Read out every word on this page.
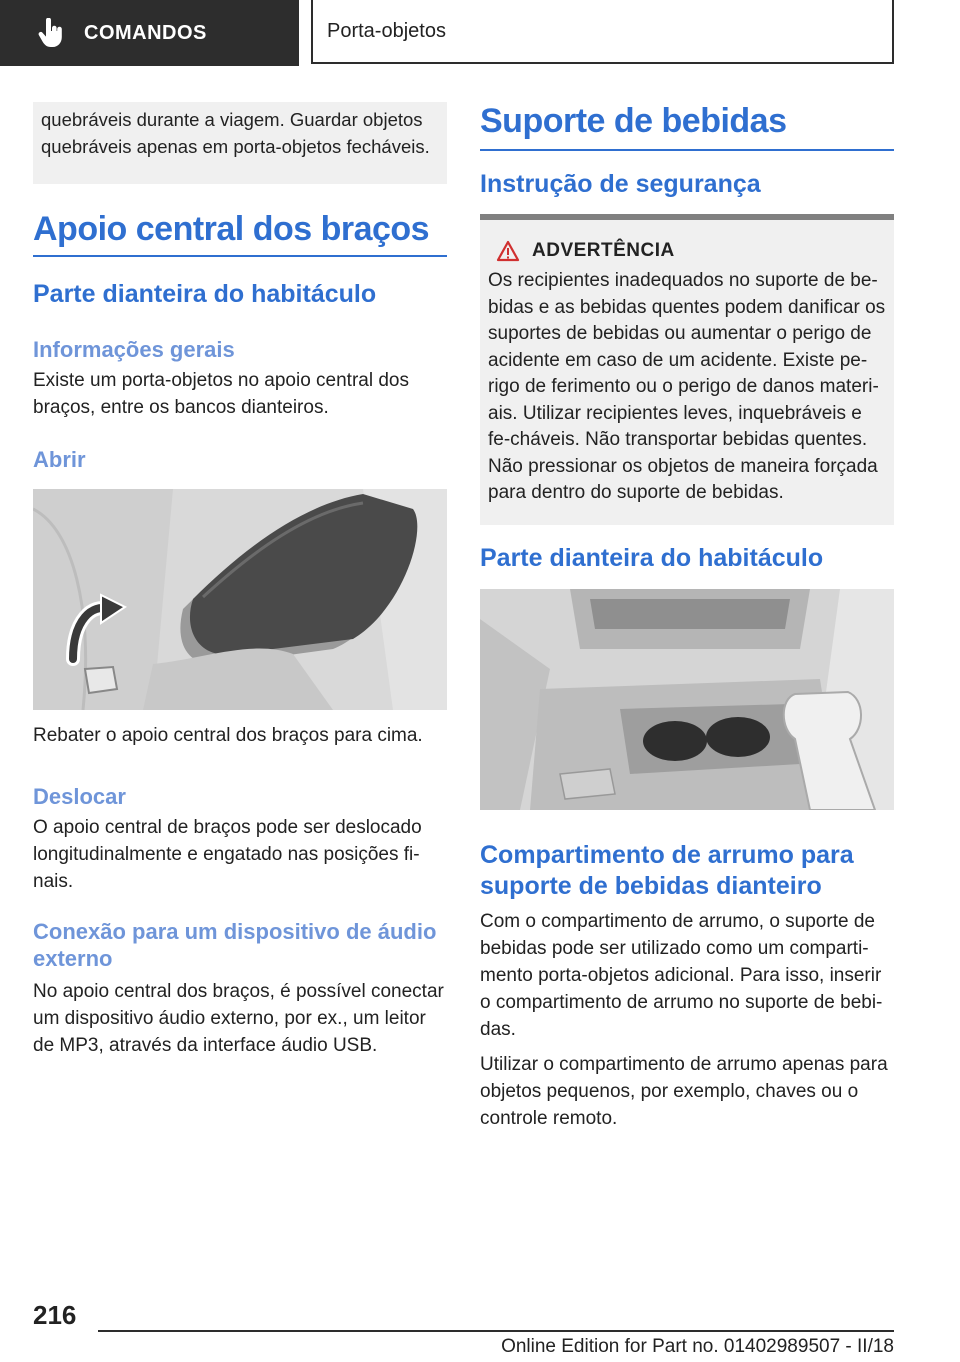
COMANDOS	Porta-objetos
quebráveis durante a viagem. Guardar objetos quebráveis apenas em porta-objetos fecháveis.
Apoio central dos braços
Parte dianteira do habitáculo
Informações gerais

Existe um porta-objetos no apoio central dos braços, entre os bancos dianteiros.

Abrir

Rebater o apoio central dos braços para cima.

Deslocar

O apoio central de braços pode ser deslocado longitudinalmente e engatado nas posições fi-nais.

Conexão para um dispositivo de áudio externo

No apoio central dos braços, é possível conectar um dispositivo áudio externo, por ex., um leitor de MP3, através da interface áudio USB.

Suporte de bebidas
Instrução de segurança
ADVERTÊNCIA

Os recipientes inadequados no suporte de be-bidas e as bebidas quentes podem danificar os suportes de bebidas ou aumentar o perigo de acidente em caso de um acidente. Existe pe-rigo de ferimento ou o perigo de danos materi-ais. Utilizar recipientes leves, inquebráveis e fe-cháveis. Não transportar bebidas quentes. Não pressionar os objetos de maneira forçada para dentro do suporte de bebidas.

Parte dianteira do habitáculo
Compartimento de arrumo para suporte de bebidas dianteiro

Com o compartimento de arrumo, o suporte de bebidas pode ser utilizado como um comparti-mento porta-objetos adicional. Para isso, inserir o compartimento de arrumo no suporte de bebi-das.

Utilizar o compartimento de arrumo apenas para objetos pequenos, por exemplo, chaves ou o controle remoto.

216
Online Edition for Part no. 01402989507 - II/18
